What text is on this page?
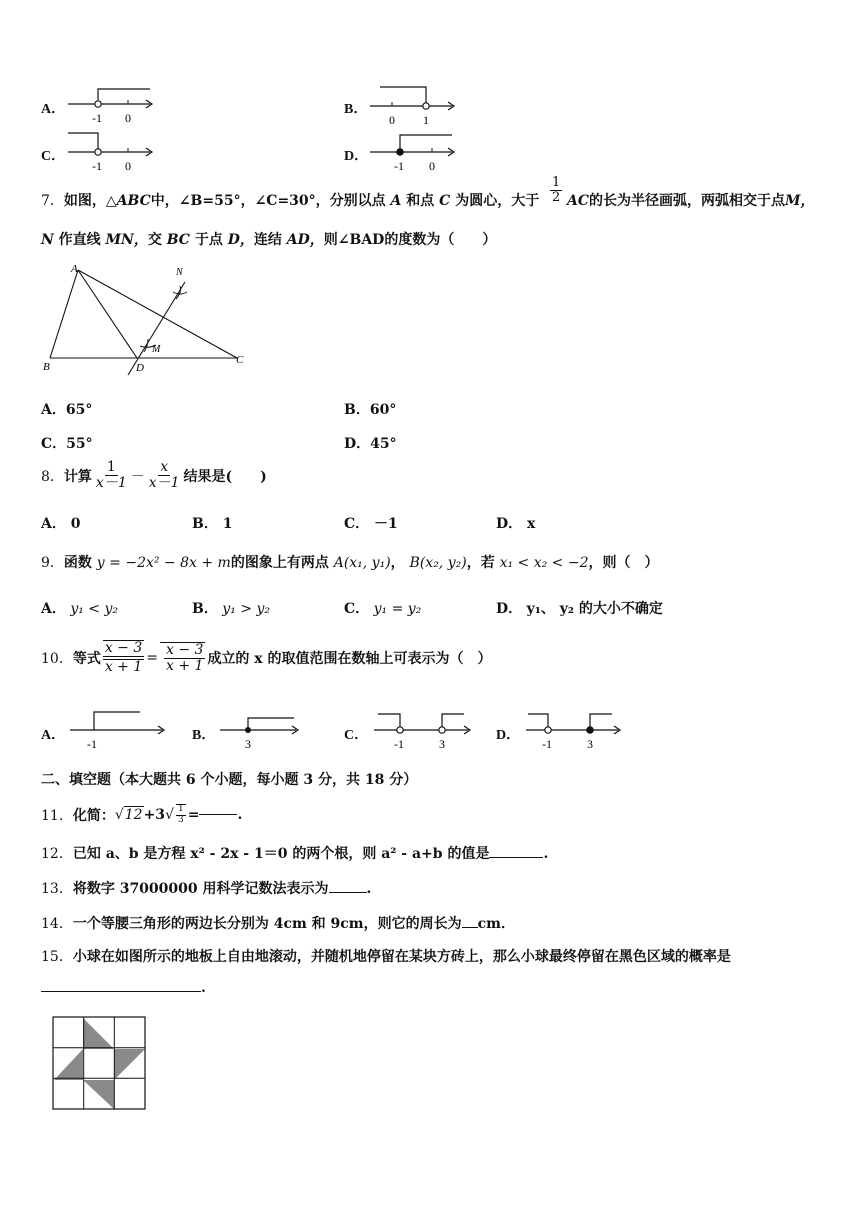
A．
-1 0
B．
0 1
C．
-1 0
D．
-1 0
7．如图，△ABC中，∠B=55°，∠C=30°，分别以点 A 和点 C 为圆心，大于 $\frac{1}{2}$ AC的长为半径画弧，两弧相交于点M，
N 作直线 MN，交 BC 于点 D，连结 AD，则∠BAD的度数为（　　）
A
B
C
D
M
N
A．65°	B．60°
C．55°	D．45°
8． 计算 $\frac{1}{x-1} - \frac{x}{x-1}$ 结果是(　　)
A． 0	B． 1	C． －1	D． x
9．函数 y = −2x² − 8x + m的图象上有两点 A(x₁, y₁)， B(x₂, y₂)，若 x₁ < x₂ < −2，则（　）
A． y₁ < y₂	B． y₁ > y₂	C． y₁ = y₂	D． y₁、 y₂ 的大小不确定
10． 等式 $\frac{x - 3}{x + 1} = \frac{x - 3}{x + 1}$ 成立的 x 的取值范围在数轴上可表示为（　）
A．
-1
B．
3
C．
-1	3
D．
-1	3
二、填空题（本大题共 6 个小题，每小题 3 分，共 18 分）
11． 化简： √12 +3 √ $\frac{1}{3}$ =	.
12．已知 a、b 是方程 x² - 2x - 1＝0 的两个根，则 a² - a+b 的值是	.
13．将数字 37000000 用科学记数法表示为	.
14．一个等腰三角形的两边长分别为 4cm 和 9cm，则它的周长为 cm．
15．小球在如图所示的地板上自由地滚动，并随机地停留在某块方砖上，那么小球最终停留在黑色区域的概率是
.
